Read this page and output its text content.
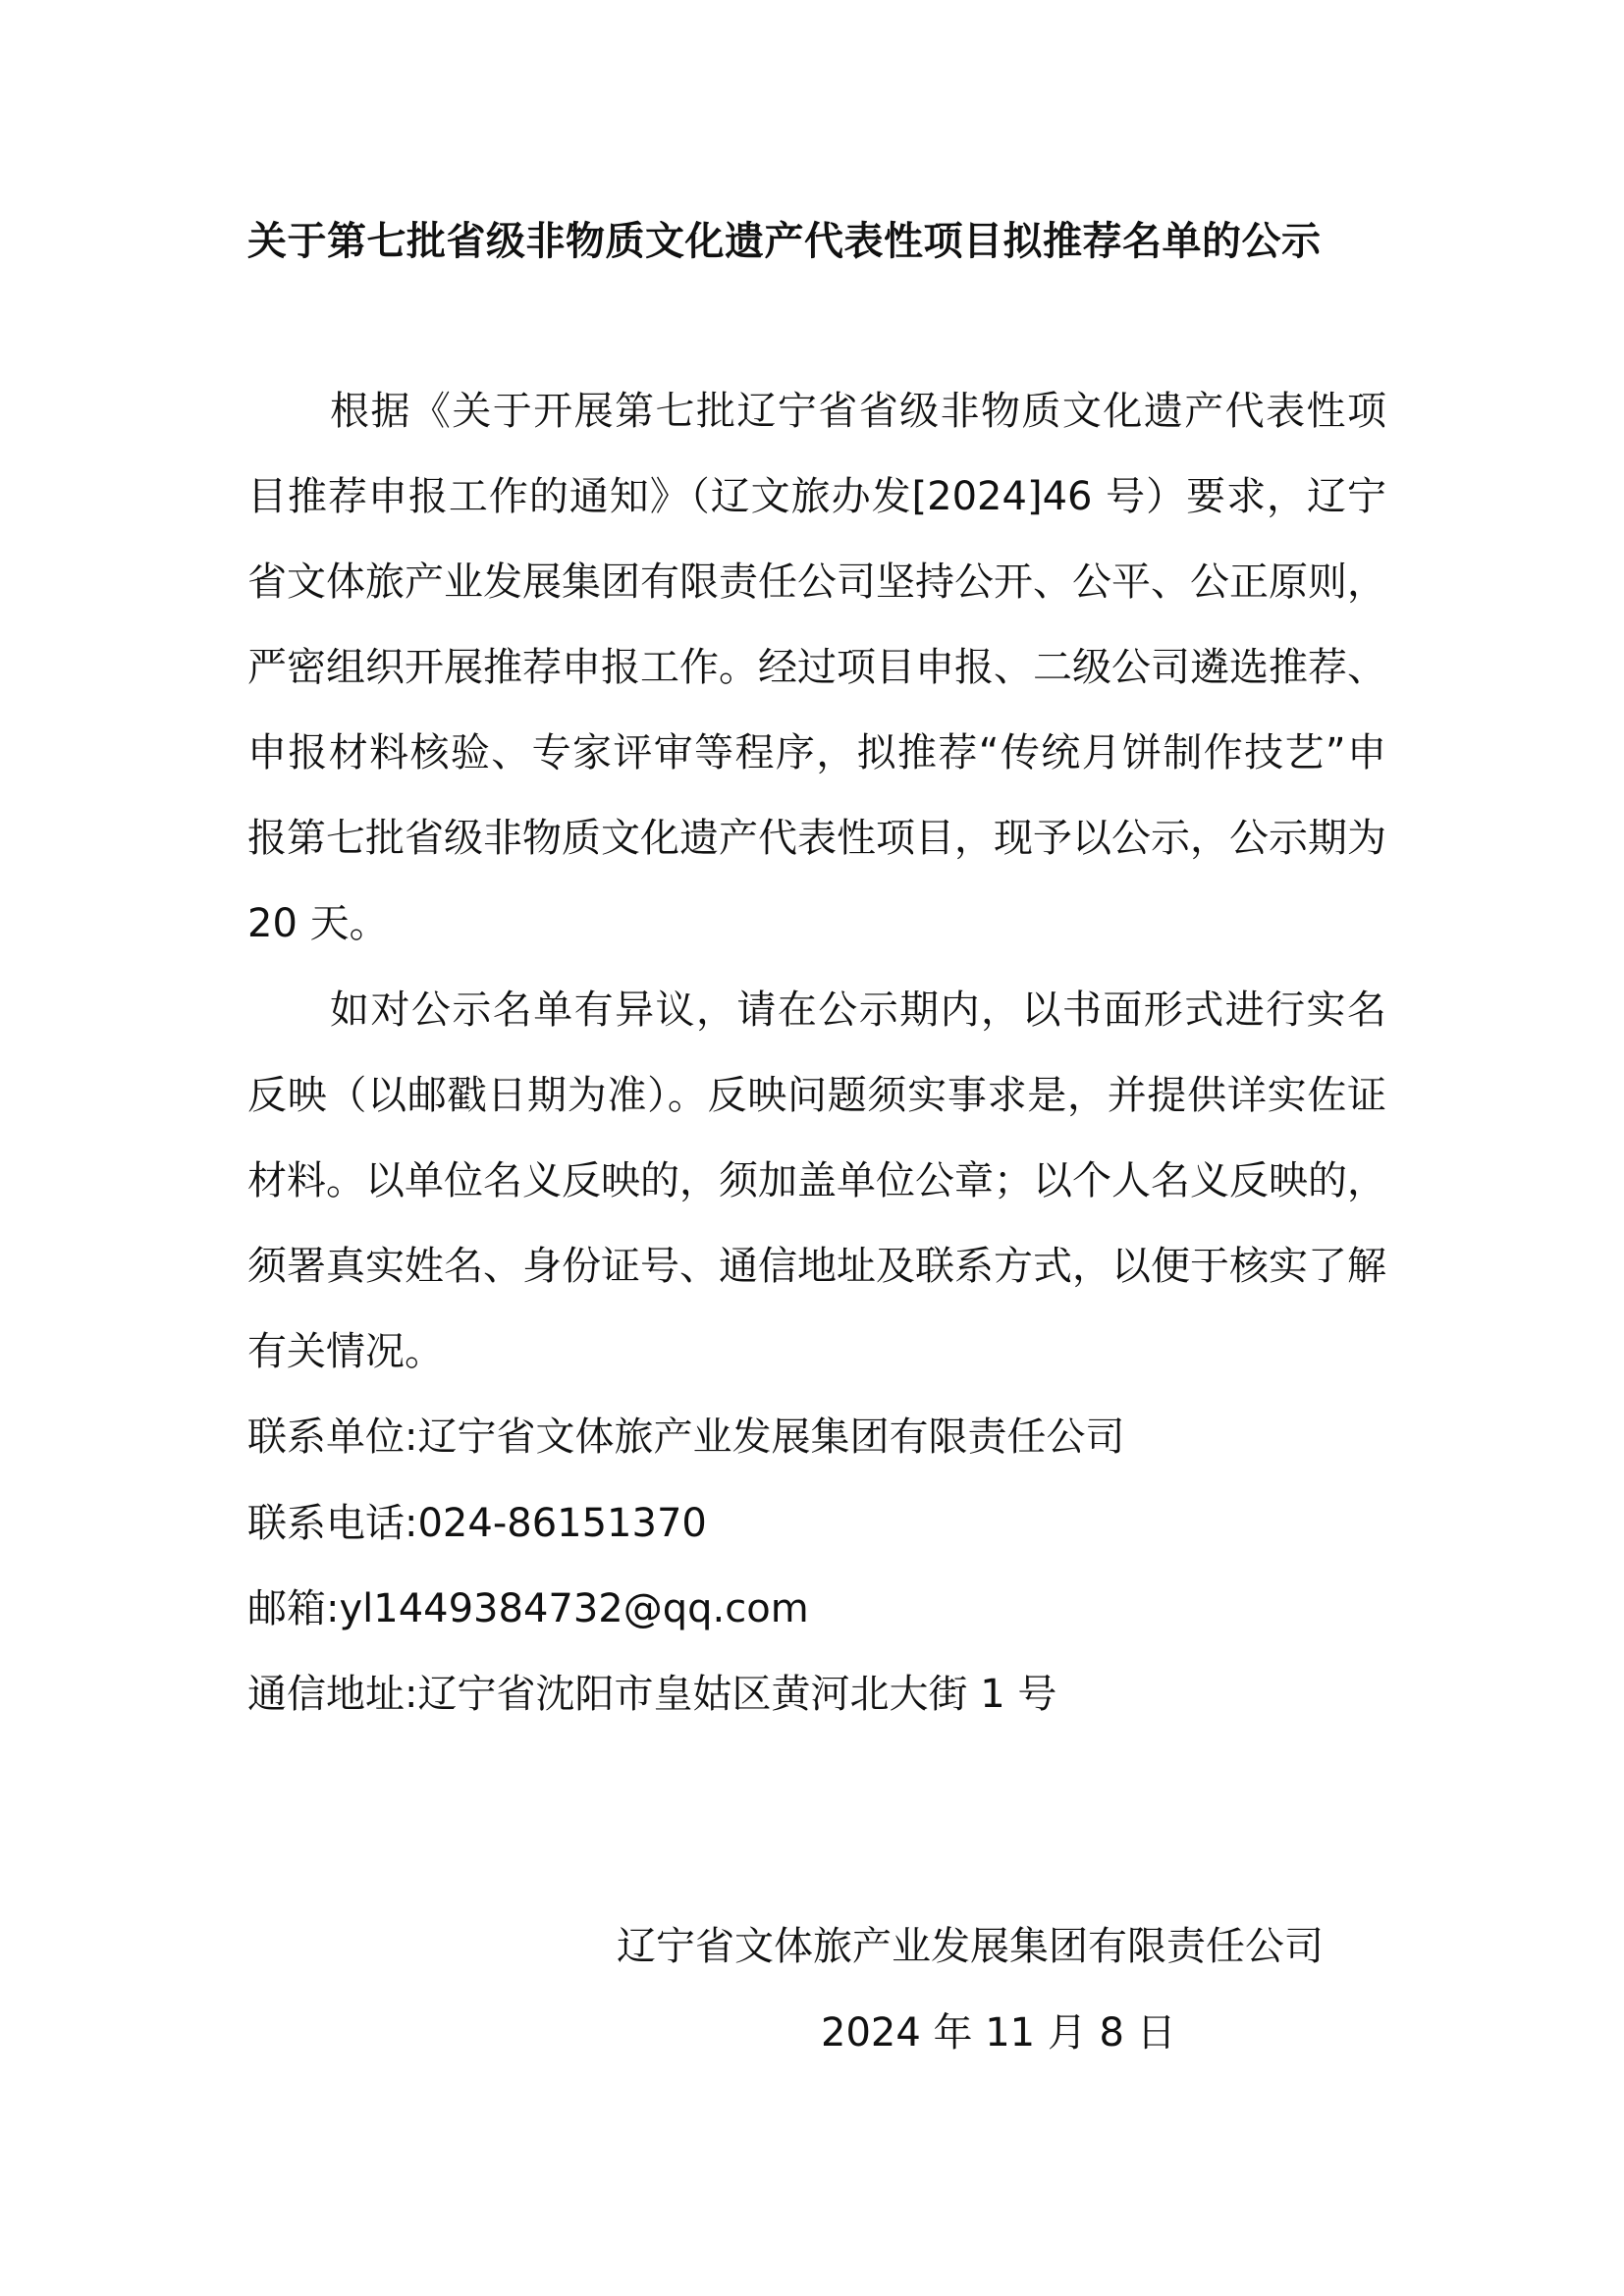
关于第七批省级非物质文化遗产代表性项目拟推荐名单的公示

根据《关于开展第七批辽宁省省级非物质文化遗产代表性项目推荐申报工作的通知》（辽文旅办发[2024]46 号）要求，辽宁省文体旅产业发展集团有限责任公司坚持公开、公平、公正原则，严密组织开展推荐申报工作。经过项目申报、二级公司遴选推荐、申报材料核验、专家评审等程序，拟推荐“传统月饼制作技艺”申报第七批省级非物质文化遗产代表性项目，现予以公示，公示期为 20 天。

如对公示名单有异议，请在公示期内，以书面形式进行实名反映（以邮戳日期为准）。反映问题须实事求是，并提供详实佐证材料。以单位名义反映的，须加盖单位公章；以个人名义反映的，须署真实姓名、身份证号、通信地址及联系方式，以便于核实了解有关情况。

联系单位:辽宁省文体旅产业发展集团有限责任公司
联系电话:024-86151370
邮箱:yl1449384732@qq.com
通信地址:辽宁省沈阳市皇姑区黄河北大街 1 号
辽宁省文体旅产业发展集团有限责任公司
2024 年 11 月 8 日
